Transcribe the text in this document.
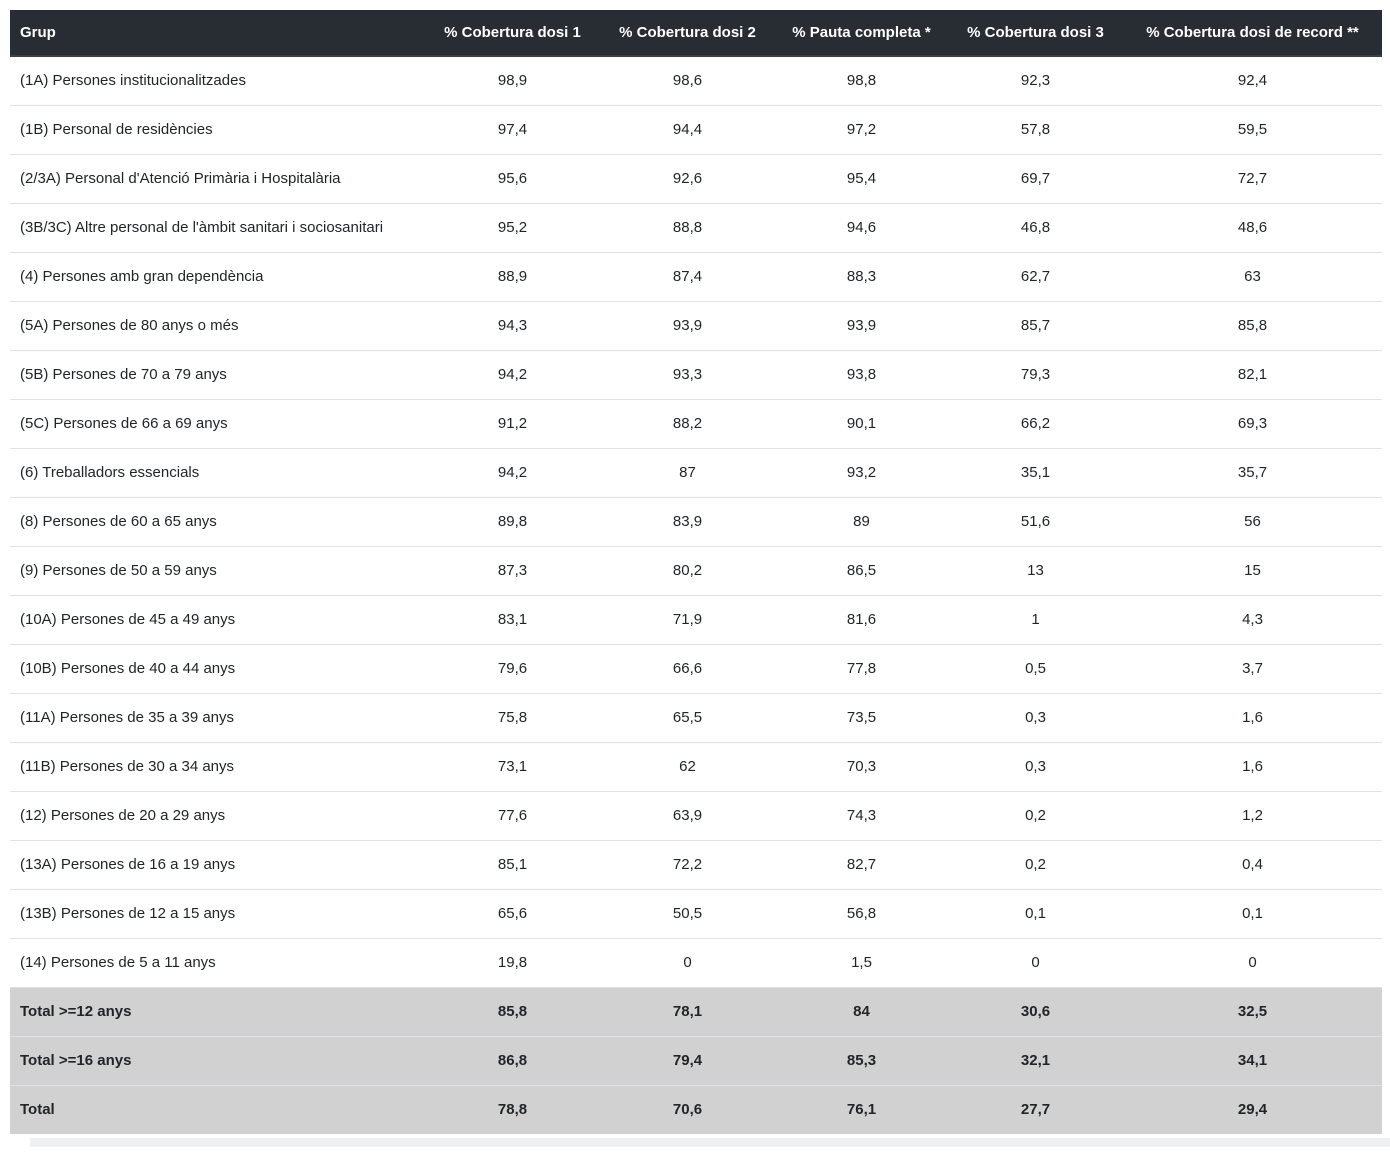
Grup	% Cobertura dosi 1	% Cobertura dosi 2	% Pauta completa *	% Cobertura dosi 3	% Cobertura dosi de record **
(1A) Persones institucionalitzades	98,9	98,6	98,8	92,3	92,4
(1B) Personal de residències	97,4	94,4	97,2	57,8	59,5
(2/3A) Personal d'Atenció Primària i Hospitalària	95,6	92,6	95,4	69,7	72,7
(3B/3C) Altre personal de l'àmbit sanitari i sociosanitari	95,2	88,8	94,6	46,8	48,6
(4) Persones amb gran dependència	88,9	87,4	88,3	62,7	63
(5A) Persones de 80 anys o més	94,3	93,9	93,9	85,7	85,8
(5B) Persones de 70 a 79 anys	94,2	93,3	93,8	79,3	82,1
(5C) Persones de 66 a 69 anys	91,2	88,2	90,1	66,2	69,3
(6) Treballadors essencials	94,2	87	93,2	35,1	35,7
(8) Persones de 60 a 65 anys	89,8	83,9	89	51,6	56
(9) Persones de 50 a 59 anys	87,3	80,2	86,5	13	15
(10A) Persones de 45 a 49 anys	83,1	71,9	81,6	1	4,3
(10B) Persones de 40 a 44 anys	79,6	66,6	77,8	0,5	3,7
(11A) Persones de 35 a 39 anys	75,8	65,5	73,5	0,3	1,6
(11B) Persones de 30 a 34 anys	73,1	62	70,3	0,3	1,6
(12) Persones de 20 a 29 anys	77,6	63,9	74,3	0,2	1,2
(13A) Persones de 16 a 19 anys	85,1	72,2	82,7	0,2	0,4
(13B) Persones de 12 a 15 anys	65,6	50,5	56,8	0,1	0,1
(14) Persones de 5 a 11 anys	19,8	0	1,5	0	0
Total >=12 anys	85,8	78,1	84	30,6	32,5
Total >=16 anys	86,8	79,4	85,3	32,1	34,1
Total	78,8	70,6	76,1	27,7	29,4
